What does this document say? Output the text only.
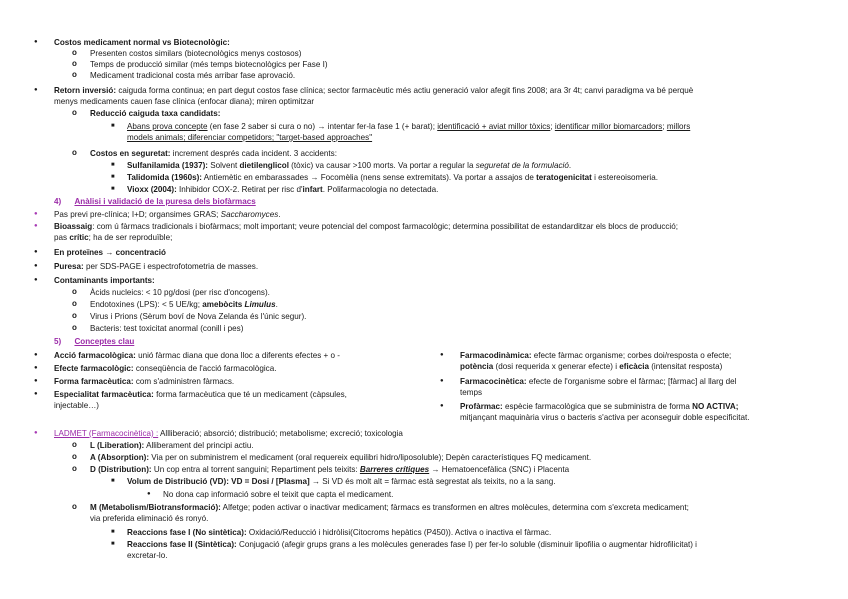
● Costos medicament normal vs Biotecnològic:
o Presenten costos similars (biotecnològics menys costosos)
o Temps de producció similar (més temps biotecnològics per Fase I)
o Medicament tradicional costa més arribar fase aprovació.
● Retorn inversió: caiguda forma continua; en part degut costos fase clínica; sector farmacèutic més actiu generació valor afegit fins 2008; ara 3r 4t; canvi paradigma va bé perquè
menys medicaments cauen fase clínica (enfocar diana); miren optimitzar
o Reducció caiguda taxa candidats:
■ Abans prova concepte (en fase 2 saber si cura o no) → intentar fer-la fase 1 (+ barat); identificació + aviat millor tòxics; identificar millor biomarcadors; millors
models animals; diferenciar competidors; "target-based approaches"
o Costos en seguretat: increment després cada incident. 3 accidents:
■ Sulfanilamida (1937): Solvent dietilenglicol (tòxic) va causar >100 morts. Va portar a regular la seguretat de la formulació.
■ Talidomida (1960s): Antiemètic en embarassades → Focomèlia (nens sense extremitats). Va portar a assajos de teratogenicitat i estereoisomeria.
■ Vioxx (2004): Inhibidor COX-2. Retirat per risc d'infart. Polifarmacologia no detectada.
4) Anàlisi i validació de la puresa dels biofàrmacs
● Pas previ pre-clínica; I+D; organsimes GRAS; Saccharomyces.
● Bioassaig: com ú fàrmacs tradicionals i biofàrmacs; molt important; veure potencial del compost farmacològic; determina possibilitat de estandarditzar els blocs de producció;
pas crític; ha de ser reproduïble;
● En proteïnes → concentració
● Puresa: per SDS-PAGE i espectrofotometria de masses.
● Contaminants importants:
o Àcids nucleics: < 10 pg/dosi (per risc d'oncogens).
o Endotoxines (LPS): < 5 UE/kg; amebòcits Limulus.
o Virus i Prions (Sèrum boví de Nova Zelanda és l'únic segur).
o Bacteris: test toxicitat anormal (conill i pes)
5) Conceptes clau
● Acció farmacològica: unió fàrmac diana que dona lloc a diferents efectes + o -
● Efecte farmacològic: conseqüència de l'acció farmacològica.
● Forma farmacèutica: com s'administren fàrmacs.
● Especialitat farmacèutica: forma farmacèutica que té un medicament (càpsules,
injectable…)
● Farmacodinàmica: efecte fàrmac organisme; corbes doi/resposta o efecte;
potència (dosi requerida x generar efecte) i eficàcia (intensitat resposta)
● Farmacocinètica: efecte de l'organisme sobre el fàrmac; [fàrmac] al llarg del
temps
● Profàrmac: espècie farmacològica que se subministra de forma NO ACTIVA;
mitjançant maquinària virus o bacteris s'activa per aconseguir doble especificitat.
● LADMET (Farmacocinètica) : Allliberació; absorció; distribució; metabolisme; excreció; toxicologia
o L (Liberation): Alliberament del principi actiu.
o A (Absorption): Via per on subministrem el medicament (oral requereix equilibri hidro/liposoluble); Depèn característiques FQ medicament.
o D (Distribution): Un cop entra al torrent sanguini; Repartiment pels teixits: Barreres crítiques → Hematoencefàlica (SNC) i Placenta
■ Volum de Distribució (VD): VD = Dosi / [Plasma] → Si VD és molt alt = fàrmac està segrestat als teixits, no a la sang.
● No dona cap informació sobre el teixit que capta el medicament.
o M (Metabolism/Biotransformació): Alfetge; poden activar o inactivar medicament; fàrmacs es transformen en altres molècules, determina com s'excreta medicament;
via preferida eliminació és ronyó.
■ Reaccions fase I (No sintètica): Oxidació/Reducció i hidròlisi(Citocroms hepàtics (P450)). Activa o inactiva el fàrmac.
■ Reaccions fase II (Sintètica): Conjugació (afegir grups grans a les molècules generades fase I) per fer-lo soluble (disminuir lipofilia o augmentar hidrofilicitat) i
excretar-lo.
